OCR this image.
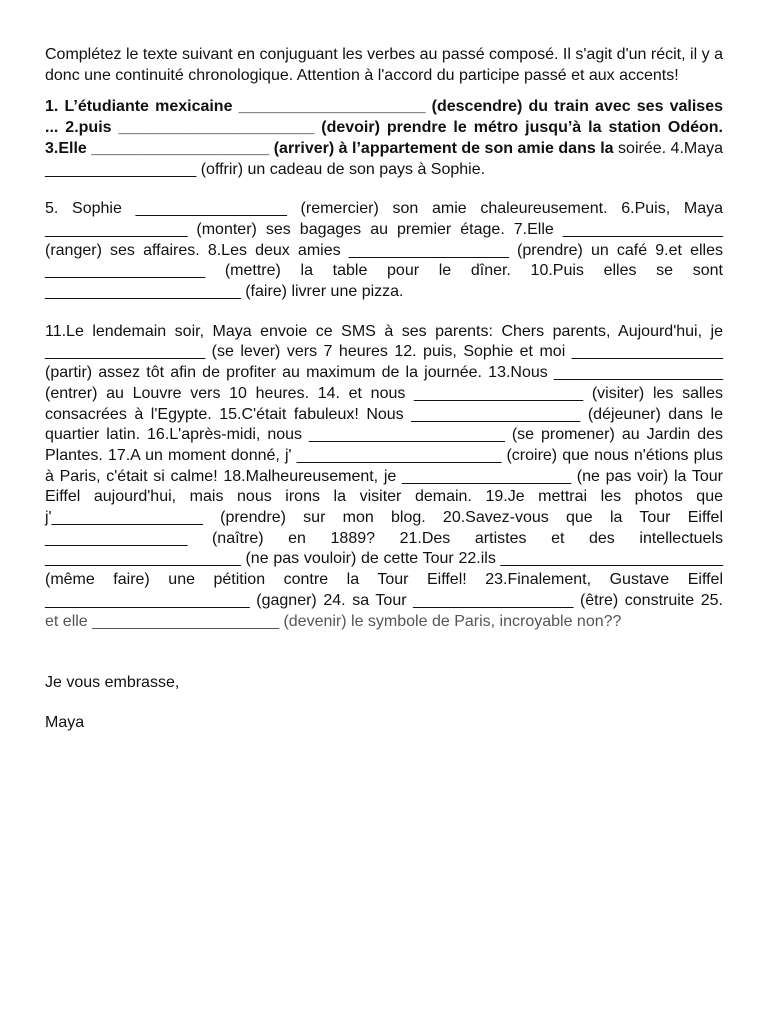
Complétez le texte suivant en conjuguant les verbes au passé composé. Il s'agit d'un récit, il y a donc une continuité chronologique. Attention à l'accord du participe passé et aux accents!

1. L’étudiante mexicaine _____________________ (descendre) du train avec ses valises ... 2.puis ______________________ (devoir) prendre le métro jusqu’à la station Odéon. 3.Elle ____________________ (arriver) à l’appartement de son amie dans la soirée. 4.Maya _________________ (offrir) un cadeau de son pays à Sophie.

5. Sophie _________________ (remercier) son amie chaleureusement. 6.Puis, Maya ________________ (monter) ses bagages au premier étage. 7.Elle __________________ (ranger) ses affaires. 8.Les deux amies __________________ (prendre) un café 9.et elles __________________ (mettre) la table pour le dîner. 10.Puis elles se sont ______________________ (faire) livrer une pizza.

11.Le lendemain soir, Maya envoie ce SMS à ses parents: Chers parents, Aujourd'hui, je __________________ (se lever) vers 7 heures 12. puis, Sophie et moi _________________ (partir) assez tôt afin de profiter au maximum de la journée. 13.Nous ___________________ (entrer) au Louvre vers 10 heures. 14. et nous ___________________ (visiter) les salles consacrées à l'Egypte. 15.C'était fabuleux! Nous ___________________ (déjeuner) dans le quartier latin. 16.L'après-midi, nous ______________________ (se promener) au Jardin des Plantes. 17.A un moment donné, j' _______________________ (croire) que nous n'étions plus à Paris, c'était si calme! 18.Malheureusement, je ___________________ (ne pas voir) la Tour Eiffel aujourd'hui, mais nous irons la visiter demain. 19.Je mettrai les photos que j'_________________ (prendre) sur mon blog. 20.Savez-vous que la Tour Eiffel ________________ (naître) en 1889? 21.Des artistes et des intellectuels ______________________ (ne pas vouloir) de cette Tour 22.ils _________________________ (même faire) une pétition contre la Tour Eiffel! 23.Finalement, Gustave Eiffel _______________________ (gagner) 24. sa Tour __________________ (être) construite 25. et elle _____________________ (devenir) le symbole de Paris, incroyable non??

Je vous embrasse,

Maya
